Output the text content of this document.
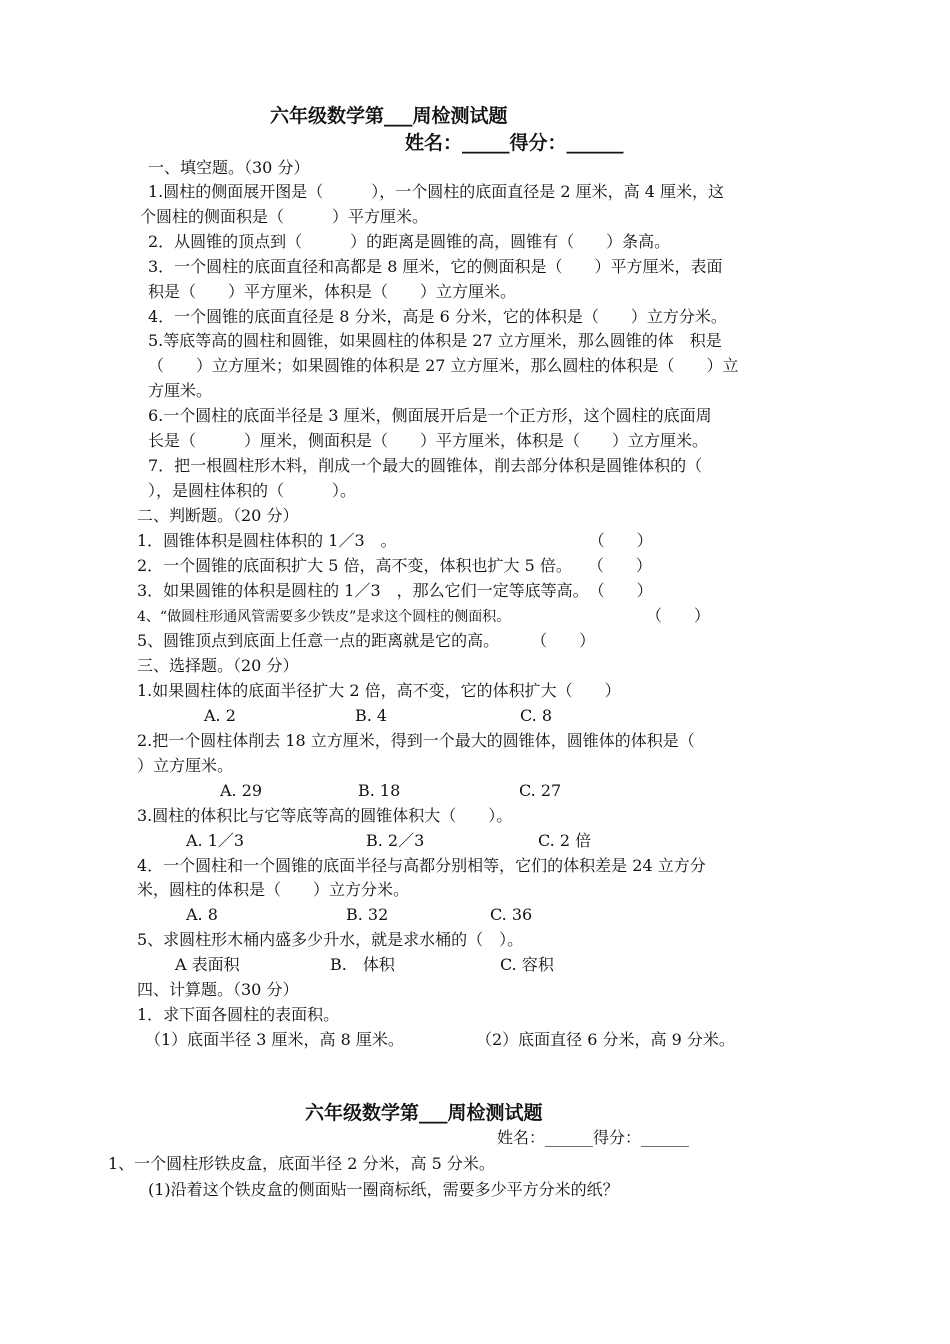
六年级数学第___周检测试题
姓名：_____得分：______
一、填空题。（30 分）
1.圆柱的侧面展开图是（　　　），一个圆柱的底面直径是 2 厘米，高 4 厘米，这
个圆柱的侧面积是（　　　）平方厘米。
2．从圆锥的顶点到（　　　）的距离是圆锥的高，圆锥有（　　）条高。
3．一个圆柱的底面直径和高都是 8 厘米，它的侧面积是（　　）平方厘米，表面
积是（　　）平方厘米，体积是（　　）立方厘米。
4．一个圆锥的底面直径是 8 分米，高是 6 分米，它的体积是（　　）立方分米。
5.等底等高的圆柱和圆锥，如果圆柱的体积是 27 立方厘米，那么圆锥的体　积是
（　　）立方厘米；如果圆锥的体积是 27 立方厘米，那么圆柱的体积是（　　）立
方厘米。
6.一个圆柱的底面半径是 3 厘米，侧面展开后是一个正方形，这个圆柱的底面周
长是（　　　）厘米，侧面积是（　　）平方厘米，体积是（　　）立方厘米。
7．把一根圆柱形木料，削成一个最大的圆锥体，削去部分体积是圆锥体积的（
），是圆柱体积的（　　　）。
二、判断题。（20 分）
1．圆锥体积是圆柱体积的 1／3　。　　　　　　　　　　　　　（　　）
2．一个圆锥的底面积扩大 5 倍，高不变，体积也扩大 5 倍。　　（　　）
3．如果圆锥的体积是圆柱的 1／3　，那么它们一定等底等高。　（　　）
4、“做圆柱形通风管需要多少铁皮”是求这个圆柱的侧面积。	（　　）
5、圆锥顶点到底面上任意一点的距离就是它的高。　　　（　　）
三、选择题。（20 分）
1.如果圆柱体的底面半径扩大 2 倍，高不变，它的体积扩大（　　）
A. 2	B. 4	C. 8
2.把一个圆柱体削去 18 立方厘米，得到一个最大的圆锥体，圆锥体的体积是（
）立方厘米。
A. 29	B. 18	C. 27
3.圆柱的体积比与它等底等高的圆锥体积大（　　）。
A. 1／3	B. 2／3	C. 2 倍
4．一个圆柱和一个圆锥的底面半径与高都分别相等，它们的体积差是 24 立方分
米，圆柱的体积是（　　）立方分米。
A. 8	B. 32	C. 36
5、求圆柱形木桶内盛多少升水，就是求水桶的（　）。
A 表面积	B.　体积	C. 容积
四、计算题。（30 分）
1．求下面各圆柱的表面积。
（1）底面半径 3 厘米，高 8 厘米。	（2）底面直径 6 分米，高 9 分米。
六年级数学第___周检测试题
姓名：______得分：______
1、一个圆柱形铁皮盒，底面半径 2 分米，高 5 分米。
(1)沿着这个铁皮盒的侧面贴一圈商标纸，需要多少平方分米的纸？
